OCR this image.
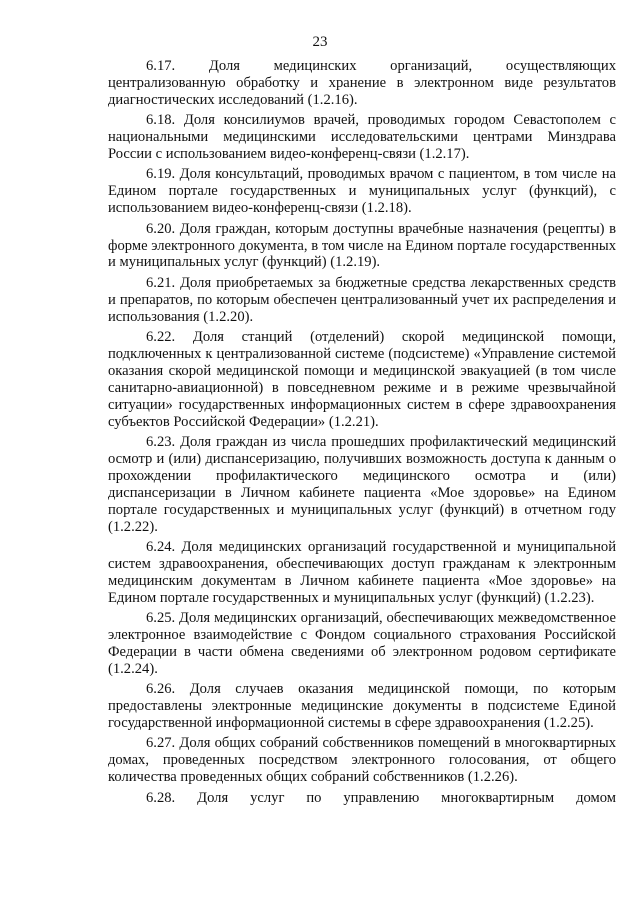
23

6.17. Доля медицинских организаций, осуществляющих централизованную обработку и хранение в электронном виде результатов диагностических исследований (1.2.16).

6.18. Доля консилиумов врачей, проводимых городом Севастополем с национальными медицинскими исследовательскими центрами Минздрава России с использованием видео-конференц-связи (1.2.17).

6.19. Доля консультаций, проводимых врачом с пациентом, в том числе на Едином портале государственных и муниципальных услуг (функций), с использованием видео-конференц-связи (1.2.18).

6.20. Доля граждан, которым доступны врачебные назначения (рецепты) в форме электронного документа, в том числе на Едином портале государственных и муниципальных услуг (функций) (1.2.19).

6.21. Доля приобретаемых за бюджетные средства лекарственных средств и препаратов, по которым обеспечен централизованный учет их распределения и использования (1.2.20).

6.22. Доля станций (отделений) скорой медицинской помощи, подключенных к централизованной системе (подсистеме) «Управление системой оказания скорой медицинской помощи и медицинской эвакуацией (в том числе санитарно-авиационной) в повседневном режиме и в режиме чрезвычайной ситуации» государственных информационных систем в сфере здравоохранения субъектов Российской Федерации» (1.2.21).

6.23. Доля граждан из числа прошедших профилактический медицинский осмотр и (или) диспансеризацию, получивших возможность доступа к данным о прохождении профилактического медицинского осмотра и (или) диспансеризации в Личном кабинете пациента «Мое здоровье» на Едином портале государственных и муниципальных услуг (функций) в отчетном году (1.2.22).

6.24. Доля медицинских организаций государственной и муниципальной систем здравоохранения, обеспечивающих доступ гражданам к электронным медицинским документам в Личном кабинете пациента «Мое здоровье» на Едином портале государственных и муниципальных услуг (функций) (1.2.23).

6.25. Доля медицинских организаций, обеспечивающих межведомственное электронное взаимодействие с Фондом социального страхования Российской Федерации в части обмена сведениями об электронном родовом сертификате (1.2.24).

6.26. Доля случаев оказания медицинской помощи, по которым предоставлены электронные медицинские документы в подсистеме Единой государственной информационной системы в сфере здравоохранения (1.2.25).

6.27. Доля общих собраний собственников помещений в многоквартирных домах, проведенных посредством электронного голосования, от общего количества проведенных общих собраний собственников (1.2.26).

6.28. Доля услуг по управлению многоквартирным домом
